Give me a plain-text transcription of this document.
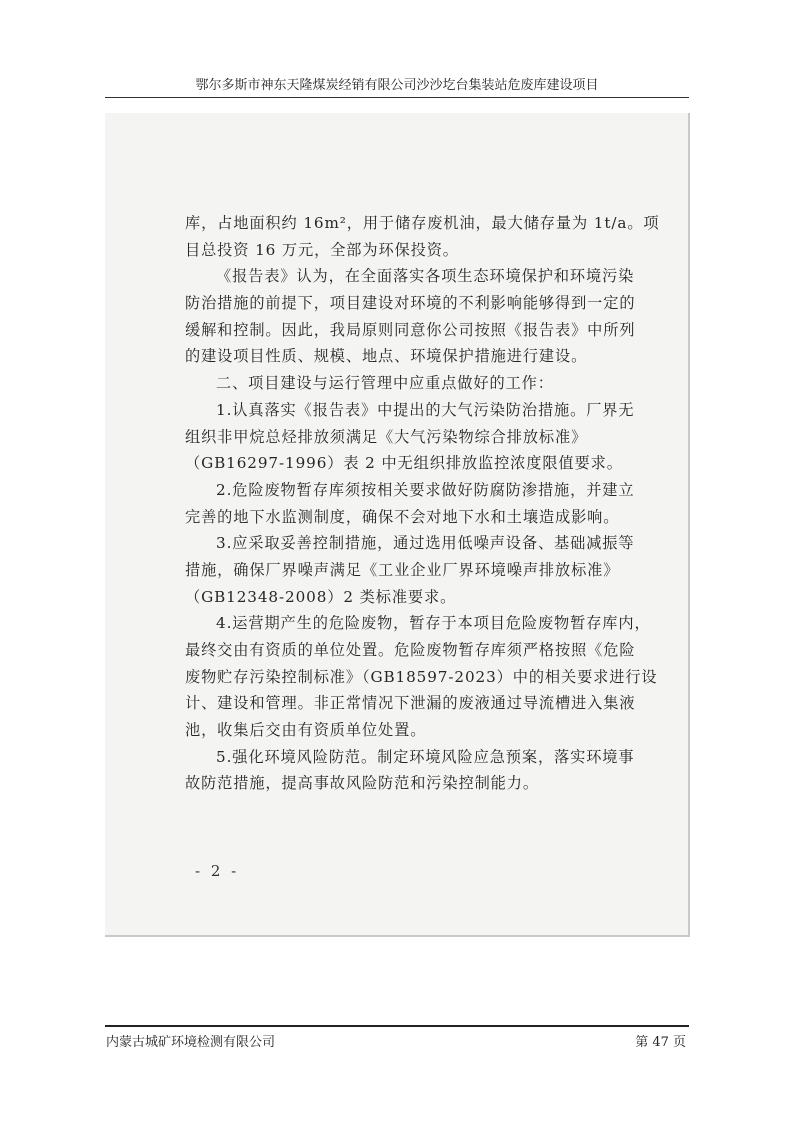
鄂尔多斯市神东天隆煤炭经销有限公司沙沙圪台集装站危废库建设项目
库，占地面积约 16m²，用于储存废机油，最大储存量为 1t/a。项
目总投资 16 万元，全部为环保投资。
《报告表》认为，在全面落实各项生态环境保护和环境污染
防治措施的前提下，项目建设对环境的不利影响能够得到一定的
缓解和控制。因此，我局原则同意你公司按照《报告表》中所列
的建设项目性质、规模、地点、环境保护措施进行建设。
二、项目建设与运行管理中应重点做好的工作：
1.认真落实《报告表》中提出的大气污染防治措施。厂界无
组织非甲烷总烃排放须满足《大气污染物综合排放标准》
（GB16297-1996）表 2 中无组织排放监控浓度限值要求。
2.危险废物暂存库须按相关要求做好防腐防渗措施，并建立
完善的地下水监测制度，确保不会对地下水和土壤造成影响。
3.应采取妥善控制措施，通过选用低噪声设备、基础减振等
措施，确保厂界噪声满足《工业企业厂界环境噪声排放标准》
（GB12348-2008）2 类标准要求。
4.运营期产生的危险废物，暂存于本项目危险废物暂存库内，
最终交由有资质的单位处置。危险废物暂存库须严格按照《危险
废物贮存污染控制标准》（GB18597-2023）中的相关要求进行设
计、建设和管理。非正常情况下泄漏的废液通过导流槽进入集液
池，收集后交由有资质单位处置。
5.强化环境风险防范。制定环境风险应急预案，落实环境事
故防范措施，提高事故风险防范和污染控制能力。
- 2 -
内蒙古城矿环境检测有限公司	第 47 页
